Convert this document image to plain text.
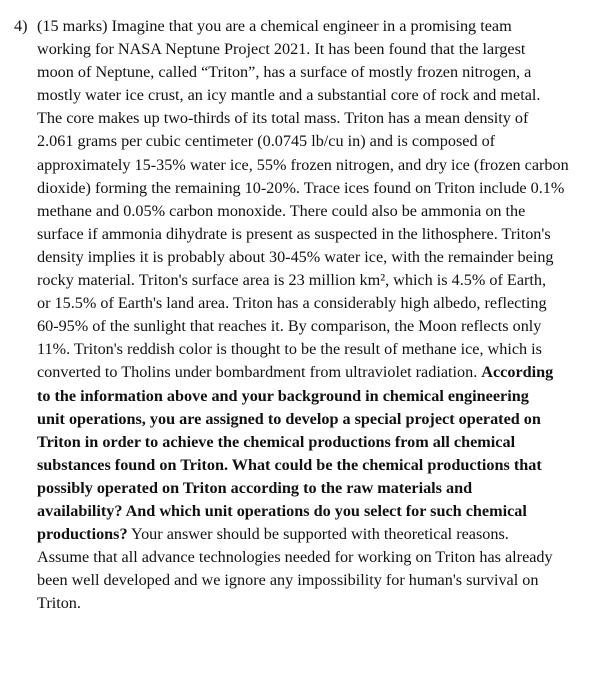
4) (15 marks) Imagine that you are a chemical engineer in a promising team
working for NASA Neptune Project 2021. It has been found that the largest
moon of Neptune, called “Triton”, has a surface of mostly frozen nitrogen, a
mostly water ice crust, an icy mantle and a substantial core of rock and metal.
The core makes up two-thirds of its total mass. Triton has a mean density of
2.061 grams per cubic centimeter (0.0745 lb/cu in) and is composed of
approximately 15-35% water ice, 55% frozen nitrogen, and dry ice (frozen carbon
dioxide) forming the remaining 10-20%. Trace ices found on Triton include 0.1%
methane and 0.05% carbon monoxide. There could also be ammonia on the
surface if ammonia dihydrate is present as suspected in the lithosphere. Triton's
density implies it is probably about 30-45% water ice, with the remainder being
rocky material. Triton's surface area is 23 million km², which is 4.5% of Earth,
or 15.5% of Earth's land area. Triton has a considerably high albedo, reflecting
60-95% of the sunlight that reaches it. By comparison, the Moon reflects only
11%. Triton's reddish color is thought to be the result of methane ice, which is
converted to Tholins under bombardment from ultraviolet radiation. According
to the information above and your background in chemical engineering
unit operations, you are assigned to develop a special project operated on
Triton in order to achieve the chemical productions from all chemical
substances found on Triton. What could be the chemical productions that
possibly operated on Triton according to the raw materials and
availability? And which unit operations do you select for such chemical
productions? Your answer should be supported with theoretical reasons.
Assume that all advance technologies needed for working on Triton has already
been well developed and we ignore any impossibility for human's survival on
Triton.
